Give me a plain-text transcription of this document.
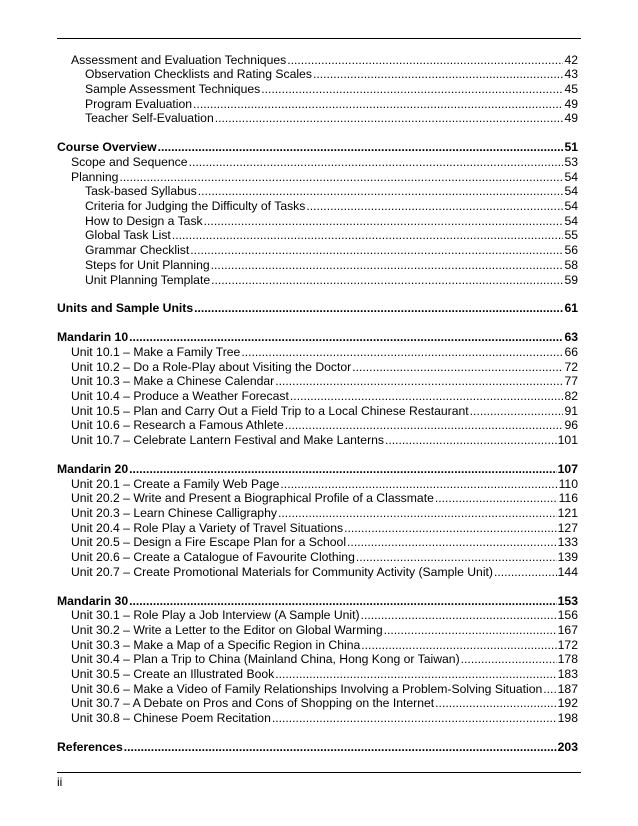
Assessment and Evaluation Techniques .....	42
Observation Checklists and Rating Scales .....	43
Sample Assessment Techniques .....	45
Program Evaluation .....	49
Teacher Self-Evaluation .....	49
Course Overview .....	51
Scope and Sequence .....	53
Planning .....	54
Task-based Syllabus .....	54
Criteria for Judging the Difficulty of Tasks .....	54
How to Design a Task .....	54
Global Task List .....	55
Grammar Checklist .....	56
Steps for Unit Planning .....	58
Unit Planning Template .....	59
Units and Sample Units .....	61
Mandarin 10 .....	63
Unit 10.1 – Make a Family Tree .....	66
Unit 10.2 – Do a Role-Play about Visiting the Doctor .....	72
Unit 10.3 – Make a Chinese Calendar .....	77
Unit 10.4 – Produce a Weather Forecast .....	82
Unit 10.5 – Plan and Carry Out a Field Trip to a Local Chinese Restaurant .....	91
Unit 10.6 – Research a Famous Athlete .....	96
Unit 10.7 – Celebrate Lantern Festival and Make Lanterns .....	101
Mandarin 20 .....	107
Unit 20.1 – Create a Family Web Page .....	110
Unit 20.2 – Write and Present a Biographical Profile of a Classmate .....	116
Unit 20.3 – Learn Chinese Calligraphy .....	121
Unit 20.4 – Role Play a Variety of Travel Situations .....	127
Unit 20.5 – Design a Fire Escape Plan for a School .....	133
Unit 20.6 – Create a Catalogue of Favourite Clothing .....	139
Unit 20.7 – Create Promotional Materials for Community Activity (Sample Unit) .....	144
Mandarin 30 .....	153
Unit 30.1 – Role Play a Job Interview (A Sample Unit) .....	156
Unit 30.2 – Write a Letter to the Editor on Global Warming .....	167
Unit 30.3 – Make a Map of a Specific Region in China .....	172
Unit 30.4 – Plan a Trip to China (Mainland China, Hong Kong or Taiwan) .....	178
Unit 30.5 – Create an Illustrated Book .....	183
Unit 30.6 – Make a Video of Family Relationships Involving a Problem-Solving Situation ..... 187
Unit 30.7 – A Debate on Pros and Cons of Shopping on the Internet .....	192
Unit 30.8 – Chinese Poem Recitation .....	198
References .....	203
ii
